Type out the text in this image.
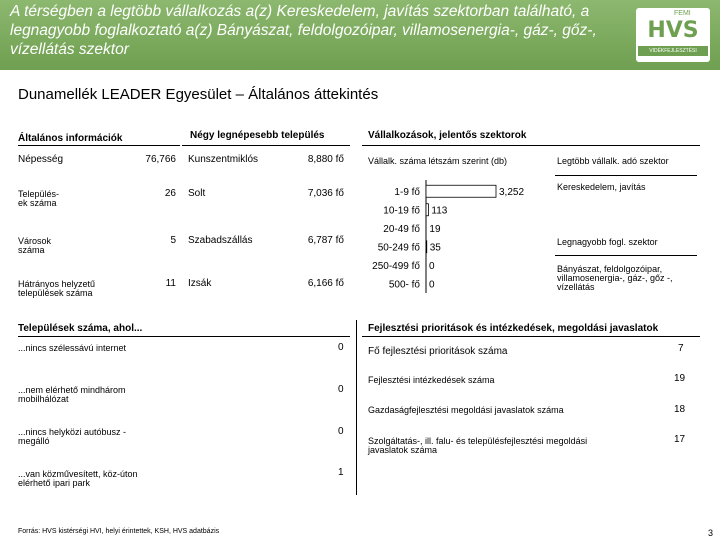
A térségben a legtöbb vállalkozás a(z) Kereskedelem, javítás szektorban található, a legnagyobb foglalkoztató a(z) Bányászat, feldolgozóipar, villamosenergia-, gáz-, gőz-, vízellátás szektor
FEMI
HVS
VIDÉKFEJLESZTÉSI STRATÉGIA
Dunamellék LEADER Egyesület – Általános áttekintés
Általános információk
Népesség	76,766
Település-
ek száma
26
Városok
száma
5
Hátrányos helyzetű
települések száma
11
Négy legnépesebb település
Kunszentmiklós	8,880 fő
Solt	7,036 fő
Szabadszállás	6,787 fő
Izsák	6,166 fő
Vállalkozások, jelentős szektorok
Vállalk. száma létszám szerint (db)	Legtöbb vállalk. adó szektor
Kereskedelem, javítás
Legnagyobb fogl. szektor
Bányászat, feldolgozóipar, villamosenergia-, gáz-, gőz -, vízellátás
1-9 fő	3,252
10-19 fő 113
20-49 fő 19
50-249 fő 35
250-499 fő 0
500- fő 0
Települések száma, ahol...
...nincs szélessávú internet	0
...nem elérhető mindhárom mobilhálózat
0
...nincs helyközi autóbusz -megálló
0
...van közművesített, köz-úton elérhető ipari park
1
Fejlesztési prioritások és intézkedések, megoldási javaslatok
Fő fejlesztési prioritások száma	7
Fejlesztési intézkedések száma	19
Gazdaságfejlesztési megoldási javaslatok száma	18
Szolgáltatás-, ill. falu- és településfejlesztési megoldási javaslatok száma
17
Forrás: HVS kistérségi HVI, helyi érintettek, KSH, HVS adatbázis	3
